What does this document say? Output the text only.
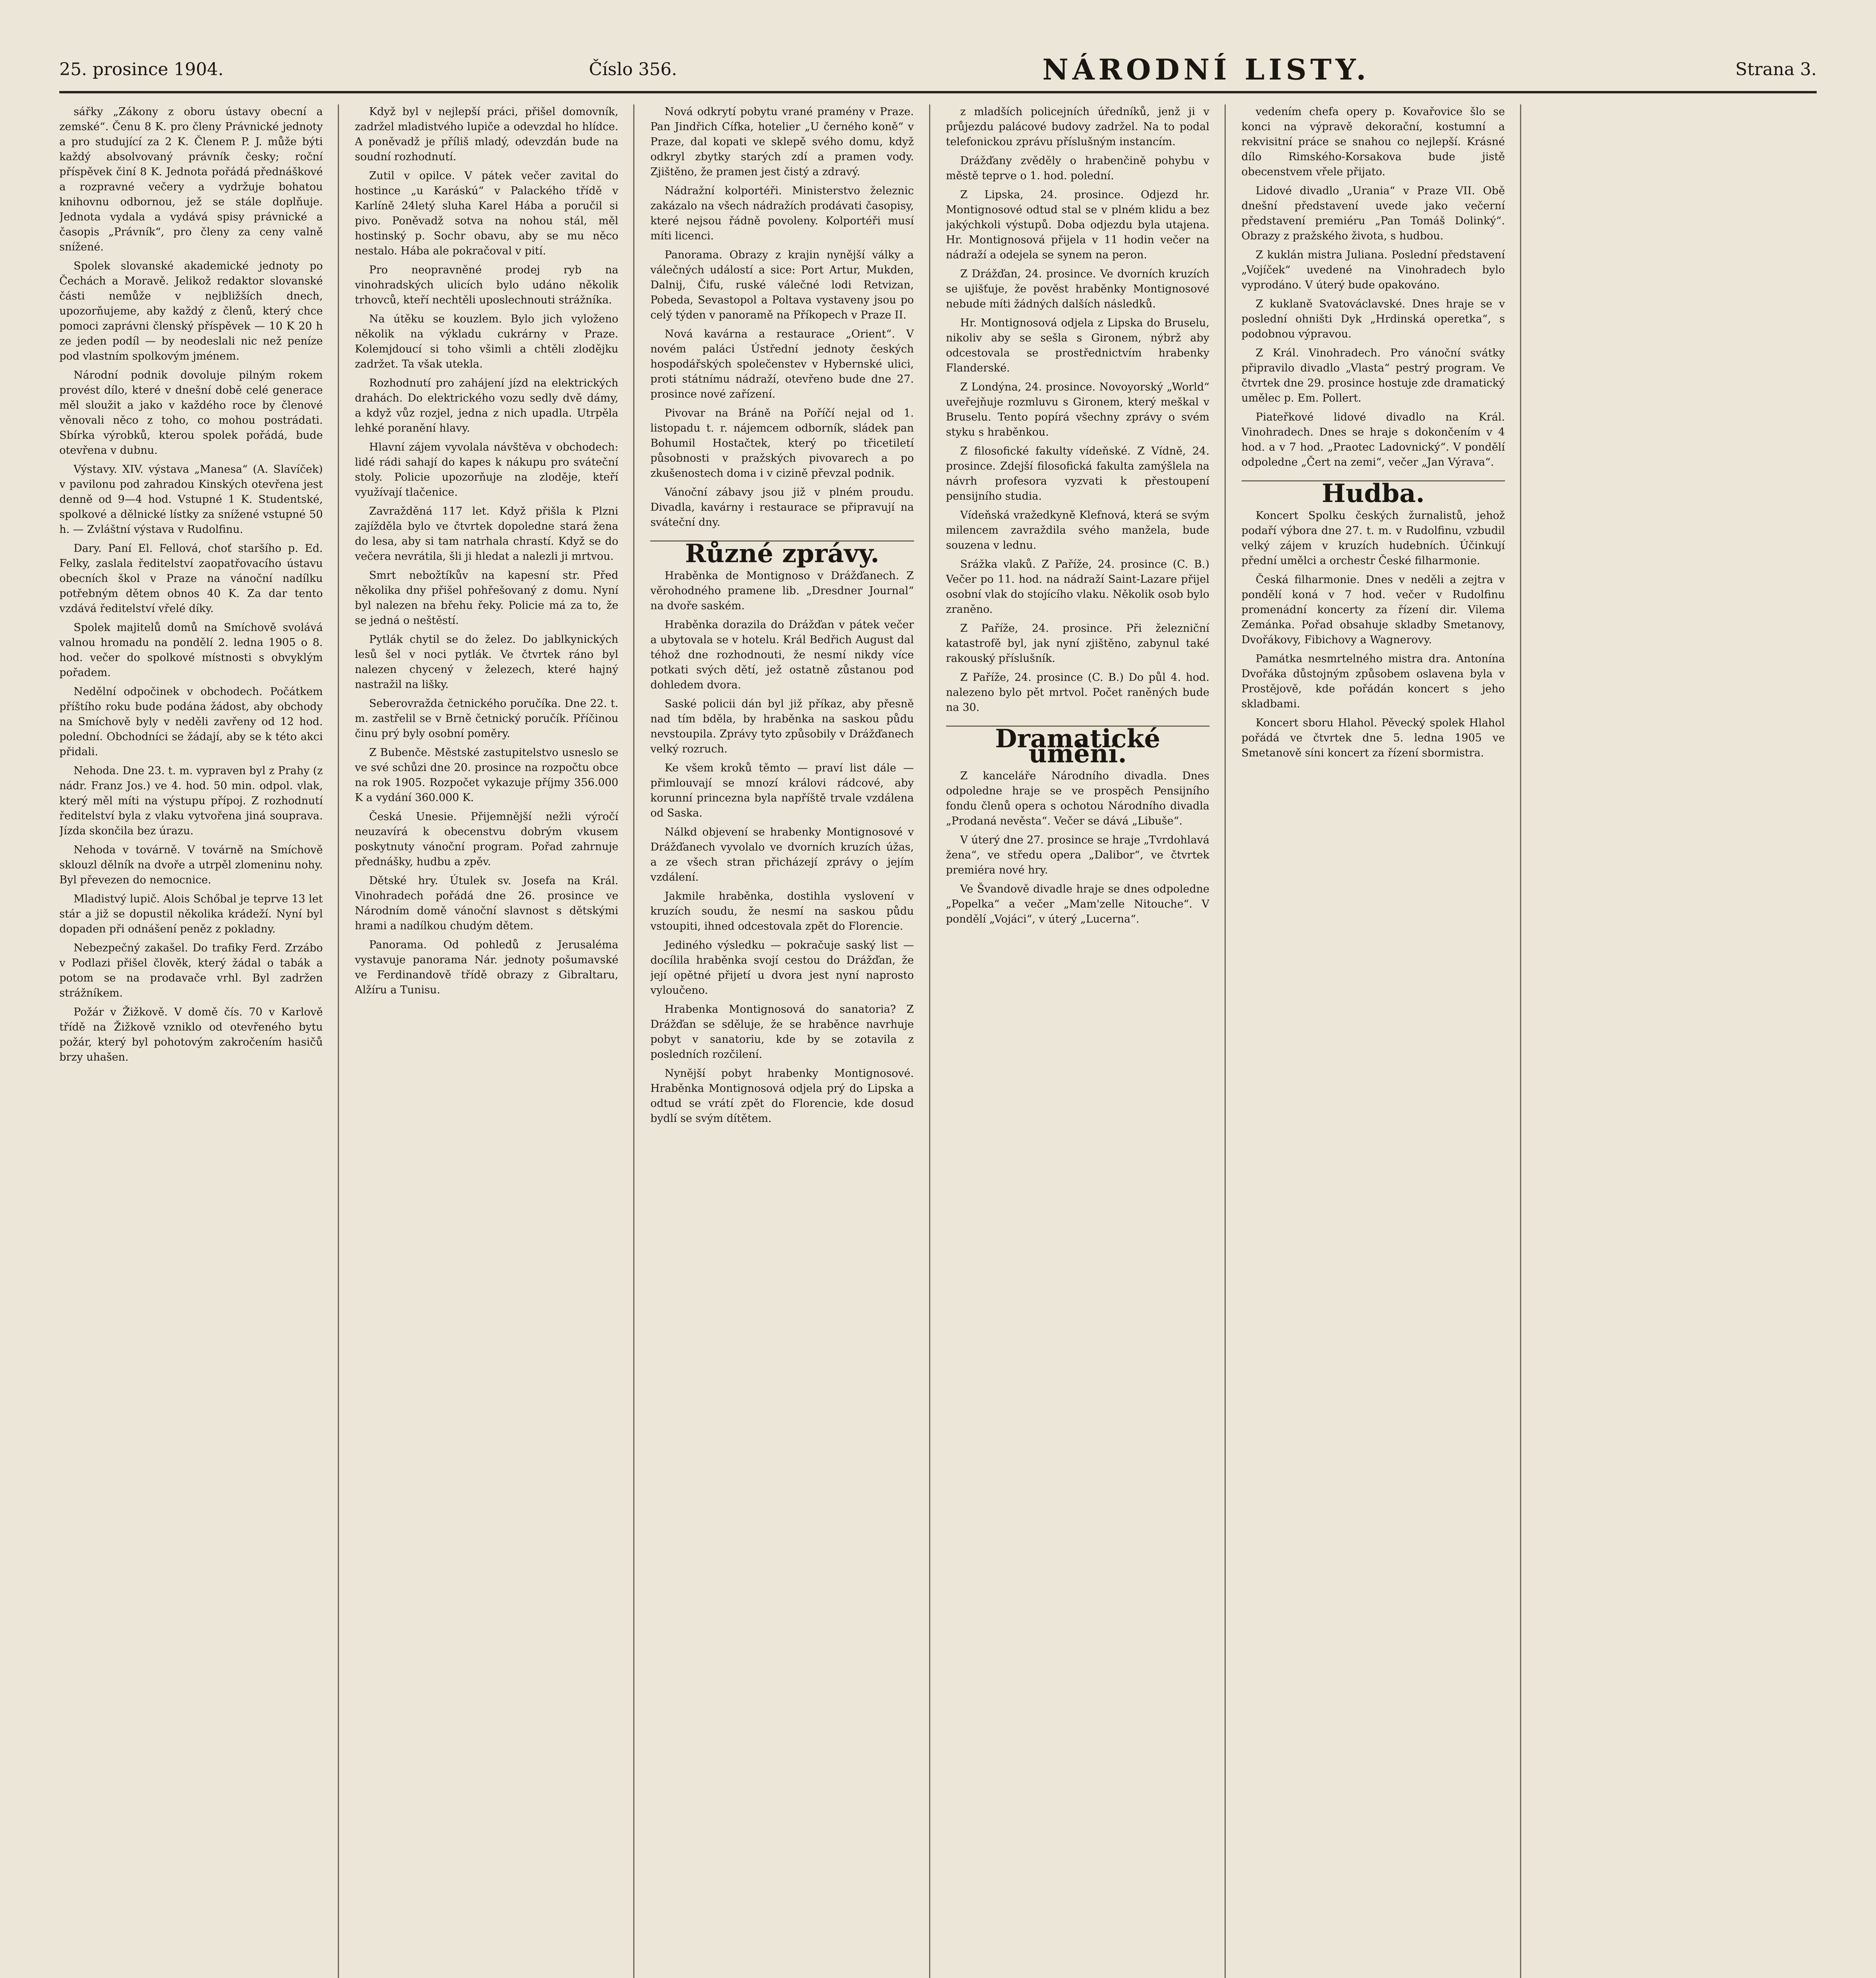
25. prosince 1904.	Číslo 356.	NÁRODNÍ LISTY.	Strana 3.

sářky „Zákony z oboru ústavy obecní a zemské“. Čenu 8 K. pro členy Právnické jednoty a pro studující za 2 K. Členem P. J. může býti každý absolvovaný právník česky; roční příspěvek činí 8 K. Jednota pořádá přednáškové a rozpravné večery a vydržuje bohatou knihovnu odbornou, jež se stále doplňuje. Jednota vydala a vydává spisy právnické a časopis „Právník“, pro členy za ceny valně snížené.

Spolek slovanské akademické jednoty po Čechách a Moravě. Jelikož redaktor slovanské části nemůže v nejbližších dnech, upozorňujeme, aby každý z členů, který chce pomoci zaprávni členský příspěvek — 10 K 20 h ze jeden podíl — by neodeslali nic než peníze pod vlastním spolkovým jménem.

Národní podnik dovoluje pilným rokem provést dílo, které v dnešní době celé generace měl sloužit a jako v každého roce by členové věnovali něco z toho, co mohou postrádati. Sbírka výrobků, kterou spolek pořádá, bude otevřena v dubnu.

Výstavy. XIV. výstava „Manesa“ (A. Slavíček) v pavilonu pod zahradou Kinských otevřena jest denně od 9—4 hod. Vstupné 1 K. Studentské, spolkové a dělnické lístky za snížené vstupné 50 h. — Zvláštní výstava v Rudolfinu.

Dary. Paní El. Fellová, choť staršího p. Ed. Felky, zaslala ředitelství zaopatřovacího ústavu obecních škol v Praze na vánoční nadílku potřebným dětem obnos 40 K. Za dar tento vzdává ředitelství vřelé díky.

Spolek majitelů domů na Smíchově svolává valnou hromadu na pondělí 2. ledna 1905 o 8. hod. večer do spolkové místnosti s obvyklým pořadem.

Nedělní odpočinek v obchodech. Počátkem příštího roku bude podána žádost, aby obchody na Smíchově byly v neděli zavřeny od 12 hod. polední. Obchodníci se žádají, aby se k této akci přidali.

Nehoda. Dne 23. t. m. vypraven byl z Prahy (z nádr. Franz Jos.) ve 4. hod. 50 min. odpol. vlak, který měl míti na výstupu přípoj. Z rozhodnutí ředitelství byla z vlaku vytvořena jiná souprava. Jízda skončila bez úrazu.

Nehoda v továrně. V továrně na Smíchově sklouzl dělník na dvoře a utrpěl zlomeninu nohy. Byl převezen do nemocnice.

Mladistvý lupič. Alois Schőbal je teprve 13 let stár a již se dopustil několika krádeží. Nyní byl dopaden při odnášení peněz z pokladny.

Nebezpečný zakašel. Do trafiky Ferd. Zrzábo v Podlazi přišel člověk, který žádal o tabák a potom se na prodavače vrhl. Byl zadržen strážníkem.

Požár v Žižkově. V domě čís. 70 v Karlově třídě na Žižkově vzniklo od otevřeného bytu požár, který byl pohotovým zakročením hasičů brzy uhašen.

Když byl v nejlepší práci, přišel domovník, zadržel mladistvého lupiče a odevzdal ho hlídce. A poněvadž je příliš mladý, odevzdán bude na soudní rozhodnutí.

Zutil v opilce. V pátek večer zavital do hostince „u Karáskú“ v Palackého třídě v Karlíně 24letý sluha Karel Hába a poručil si pivo. Poněvadž sotva na nohou stál, měl hostinský p. Sochr obavu, aby se mu něco nestalo. Hába ale pokračoval v pití.

Pro neopravněné prodej ryb na vinohradských ulicích bylo udáno několik trhovců, kteří nechtěli uposlechnouti strážníka.

Na útěku se kouzlem. Bylo jich vyloženo několik na výkladu cukrárny v Praze. Kolemjdoucí si toho všimli a chtěli zlodějku zadržet. Ta však utekla.

Rozhodnutí pro zahájení jízd na elektrických drahách. Do elektrického vozu sedly dvě dámy, a když vůz rozjel, jedna z nich upadla. Utrpěla lehké poranění hlavy.

Hlavní zájem vyvolala návštěva v obchodech: lidé rádi sahají do kapes k nákupu pro sváteční stoly. Policie upozorňuje na zloděje, kteří využívají tlačenice.

Zavražděná 117 let. Když přišla k Plzni zajížděla bylo ve čtvrtek dopoledne stará žena do lesa, aby si tam natrhala chrastí. Když se do večera nevrátila, šli ji hledat a nalezli ji mrtvou.

Smrt nebožtíkův na kapesní str. Před několika dny přišel pohřešovaný z domu. Nyní byl nalezen na břehu řeky. Policie má za to, že se jedná o neštěstí.

Pytlák chytil se do želez. Do jablkynických lesů šel v noci pytlák. Ve čtvrtek ráno byl nalezen chycený v železech, které hajný nastražil na lišky.

Seberovražda četnického poručíka. Dne 22. t. m. zastřelil se v Brně četnický poručík. Příčinou činu prý byly osobní poměry.

Z Bubenče. Městské zastupitelstvo usneslo se ve své schůzi dne 20. prosince na rozpočtu obce na rok 1905. Rozpočet vykazuje příjmy 356.000 K a vydání 360.000 K.

Česká Unesie. Přijemnější nežli výročí neuzavírá k obecenstvu dobrým vkusem poskytnuty vánoční program. Pořad zahrnuje přednášky, hudbu a zpěv.

Dětské hry. Útulek sv. Josefa na Král. Vinohradech pořádá dne 26. prosince ve Národním domě vánoční slavnost s dětskými hrami a nadílkou chudým dětem.

Panorama. Od pohledů z Jerusaléma vystavuje panorama Nár. jednoty pošumavské ve Ferdinandově třídě obrazy z Gibraltaru, Alžíru a Tunisu.

Nová odkrytí pobytu vrané pramény v Praze. Pan Jindřich Cífka, hotelier „U černého koně“ v Praze, dal kopati ve sklepě svého domu, když odkryl zbytky starých zdí a pramen vody. Zjištěno, že pramen jest čistý a zdravý.

Nádražní kolportéři. Ministerstvo železnic zakázalo na všech nádražích prodávati časopisy, které nejsou řádně povoleny. Kolportéři musí míti licenci.

Panorama. Obrazy z krajin nynější války a válečných událostí a sice: Port Artur, Mukden, Dalnij, Čifu, ruské válečné lodi Retvizan, Pobeda, Sevastopol a Poltava vystaveny jsou po celý týden v panoramě na Příkopech v Praze II.

Nová kavárna a restaurace „Orient“. V novém paláci Ústřední jednoty českých hospodářských společenstev v Hybernské ulici, proti státnímu nádraží, otevřeno bude dne 27. prosince nové zařízení.

Pivovar na Bráně na Poříčí nejal od 1. listopadu t. r. nájemcem odborník, sládek pan Bohumil Hostačtek, který po třicetiletí působnosti v pražských pivovarech a po zkušenostech doma i v cizině převzal podnik.

Vánoční zábavy jsou již v plném proudu. Divadla, kavárny i restaurace se připravují na sváteční dny.

Různé zprávy.

Hraběnka de Montignoso v Drážďanech. Z věrohodného pramene lib. „Dresdner Journal“ na dvoře saském.

Hraběnka dorazila do Drážďan v pátek večer a ubytovala se v hotelu. Král Bedřich August dal téhož dne rozhodnouti, že nesmí nikdy více potkati svých dětí, jež ostatně zůstanou pod dohledem dvora.

Saské policii dán byl již příkaz, aby přesně nad tím bděla, by hraběnka na saskou půdu nevstoupila. Zprávy tyto způsobily v Drážďanech velký rozruch.

Ke všem kroků těmto — praví list dále — přimlouvají se mnozí královi rádcové, aby korunní princezna byla napříště trvale vzdálena od Saska.

Nálkd objevení se hrabenky Montignosové v Drážďanech vyvolalo ve dvorních kruzích úžas, a ze všech stran přicházejí zprávy o jejím vzdálení.

Jakmile hraběnka, dostihla vyslovení v kruzích soudu, že nesmí na saskou půdu vstoupiti, ihned odcestovala zpět do Florencie.

Jediného výsledku — pokračuje saský list — docílila hraběnka svojí cestou do Drážďan, že její opětné přijetí u dvora jest nyní naprosto vyloučeno.

Hrabenka Montignosová do sanatoria? Z Drážďan se sděluje, že se hraběnce navrhuje pobyt v sanatoriu, kde by se zotavila z posledních rozčilení.

Nynější pobyt hrabenky Montignosové. Hraběnka Montignosová odjela prý do Lipska a odtud se vrátí zpět do Florencie, kde dosud bydlí se svým dítětem.

z mladších policejních úředníků, jenž ji v průjezdu palácové budovy zadržel. Na to podal telefonickou zprávu příslušným instancím.

Drážďany zvěděly o hrabenčině pohybu v městě teprve o 1. hod. polední.

Z Lipska, 24. prosince. Odjezd hr. Montignosové odtud stal se v plném klidu a bez jakýchkoli výstupů. Doba odjezdu byla utajena. Hr. Montignosová přijela v 11 hodin večer na nádraží a odejela se synem na peron.

Z Drážďan, 24. prosince. Ve dvorních kruzích se ujišťuje, že pověst hraběnky Montignosové nebude míti žádných dalších následků.

Hr. Montignosová odjela z Lipska do Bruselu, nikoliv aby se sešla s Gironem, nýbrž aby odcestovala se prostřednictvím hrabenky Flanderské.

Z Londýna, 24. prosince. Novoyorský „World“ uveřejňuje rozmluvu s Gironem, který meškal v Bruselu. Tento popírá všechny zprávy o svém styku s hraběnkou.

Z filosofické fakulty vídeňské. Z Vídně, 24. prosince. Zdejší filosofická fakulta zamýšlela na návrh profesora vyzvati k přestoupení pensijního studia.

Vídeňská vražedkyně Klefnová, která se svým milencem zavraždila svého manžela, bude souzena v lednu.

Srážka vlaků. Z Paříže, 24. prosince (C. B.) Večer po 11. hod. na nádraží Saint-Lazare přijel osobní vlak do stojícího vlaku. Několik osob bylo zraněno.

Z Paříže, 24. prosince. Při železniční katastrofě byl, jak nyní zjištěno, zabynul také rakouský příslušník.

Z Paříže, 24. prosince (C. B.) Do půl 4. hod. nalezeno bylo pět mrtvol. Počet raněných bude na 30.

Dramatické umění.

Z kanceláře Národního divadla. Dnes odpoledne hraje se ve prospěch Pensijního fondu členů opera s ochotou Národního divadla „Prodaná nevěsta“. Večer se dává „Libuše“.

V úterý dne 27. prosince se hraje „Tvrdohlavá žena“, ve středu opera „Dalibor“, ve čtvrtek premiéra nové hry.

Ve Švandově divadle hraje se dnes odpoledne „Popelka“ a večer „Mam'zelle Nitouche“. V pondělí „Vojáci“, v úterý „Lucerna“.

vedením chefa opery p. Kovařovice šlo se konci na výpravě dekorační, kostumní a rekvisitní práce se snahou co nejlepší. Krásné dílo Rimského-Korsakova bude jistě obecenstvem vřele přijato.

Lidové divadlo „Urania“ v Praze VII. Obě dnešní představení uvede jako večerní představení premiéru „Pan Tomáš Dolinký“. Obrazy z pražského života, s hudbou.

Z kuklán mistra Juliana. Poslední představení „Vojíček“ uvedené na Vinohradech bylo vyprodáno. V úterý bude opakováno.

Z kuklaně Svatováclavské. Dnes hraje se v poslední ohništi Dyk „Hrdinská operetka“, s podobnou výpravou.

Z Král. Vinohradech. Pro vánoční svátky připravilo divadlo „Vlasta“ pestrý program. Ve čtvrtek dne 29. prosince hostuje zde dramatický umělec p. Em. Pollert.

Piateřkové lidové divadlo na Král. Vinohradech. Dnes se hraje s dokončením v 4 hod. a v 7 hod. „Praotec Ladovnický“. V pondělí odpoledne „Čert na zemi“, večer „Jan Výrava“.

Hudba.

Koncert Spolku českých žurnalistů, jehož podaří výbora dne 27. t. m. v Rudolfinu, vzbudil velký zájem v kruzích hudebních. Účinkují přední umělci a orchestr České filharmonie.

Česká filharmonie. Dnes v neděli a zejtra v pondělí koná v 7 hod. večer v Rudolfinu promenádní koncerty za řízení dir. Vilema Zemánka. Pořad obsahuje skladby Smetanovy, Dvořákovy, Fibichovy a Wagnerovy.

Památka nesmrtelného mistra dra. Antonína Dvořáka důstojným způsobem oslavena byla v Prostějově, kde pořádán koncert s jeho skladbami.

Koncert sboru Hlahol. Pěvecký spolek Hlahol pořádá ve čtvrtek dne 5. ledna 1905 ve Smetanově síni koncert za řízení sbormistra.
